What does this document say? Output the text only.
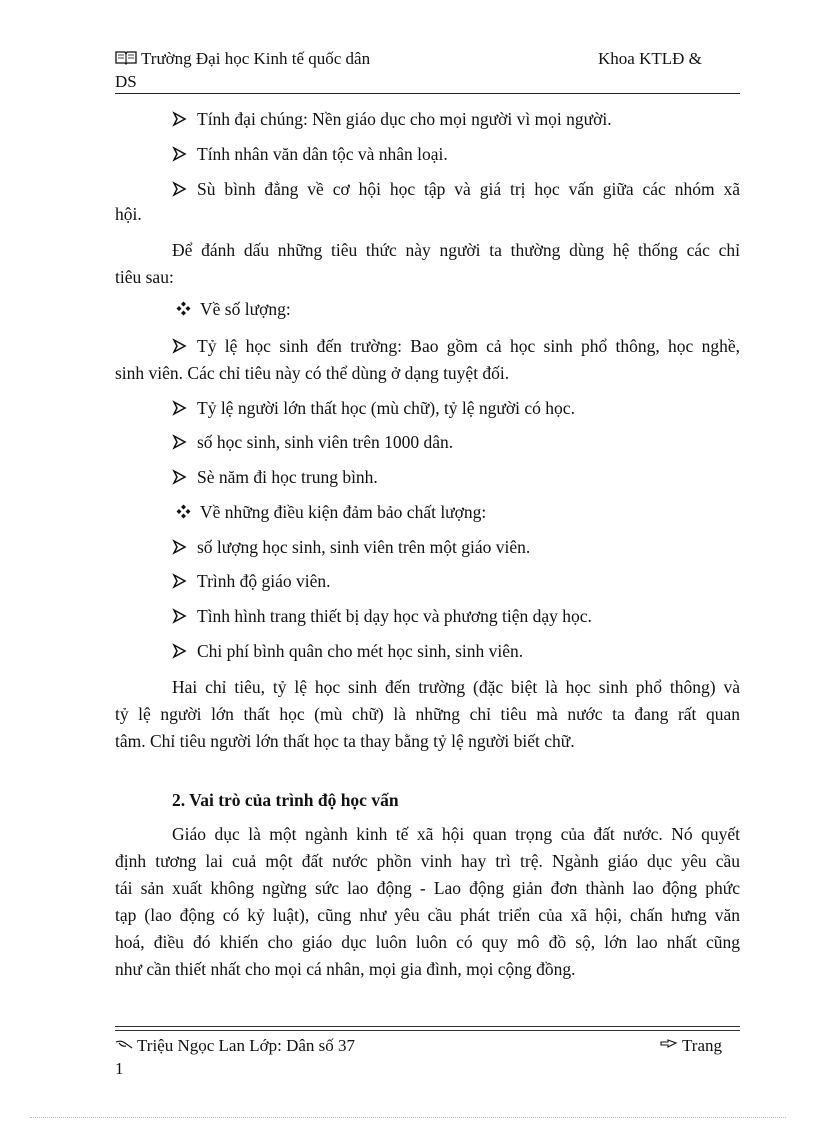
Trường Đại học Kinh tế quốc dân	Khoa KTLĐ &
DS
Tính đại chúng: Nền giáo dục cho mọi người vì mọi người.
Tính nhân văn dân tộc và nhân loại.
Sù bình đẳng về cơ hội học tập và giá trị học vấn giữa các nhóm xã
hội.
Để đánh dấu những tiêu thức này người ta thường dùng hệ thống các chỉ
tiêu sau:
Về số lượng:
Tỷ lệ học sinh đến trường: Bao gồm cả học sinh phổ thông, học nghề,
sinh viên. Các chỉ tiêu này có thể dùng ở dạng tuyệt đối.
Tỷ lệ người lớn thất học (mù chữ), tỷ lệ người có học.
số học sinh, sinh viên trên 1000 dân.
Sè năm đi học trung bình.
Về những điều kiện đảm bảo chất lượng:
số lượng học sinh, sinh viên trên một giáo viên.
Trình độ giáo viên.
Tình hình trang thiết bị dạy học và phương tiện dạy học.
Chi phí bình quân cho mét học sinh, sinh viên.
Hai chỉ tiêu, tỷ lệ học sinh đến trường (đặc biệt là học sinh phổ thông) và
tỷ lệ người lớn thất học (mù chữ) là những chỉ tiêu mà nước ta đang rất quan
tâm. Chỉ tiêu người lớn thất học ta thay bằng tỷ lệ người biết chữ.
2. Vai trò của trình độ học vấn
Giáo dục là một ngành kinh tế xã hội quan trọng của đất nước. Nó quyết
định tương lai cuả một đất nước phồn vinh hay trì trệ. Ngành giáo dục yêu cầu
tái sản xuất không ngừng sức lao động - Lao động giản đơn thành lao động phức
tạp (lao động có kỷ luật), cũng như yêu cầu phát triển của xã hội, chấn hưng văn
hoá, điều đó khiến cho giáo dục luôn luôn có quy mô đồ sộ, lớn lao nhất cũng
như cần thiết nhất cho mọi cá nhân, mọi gia đình, mọi cộng đồng.
Triệu Ngọc Lan Lớp: Dân số 37	Trang
1
